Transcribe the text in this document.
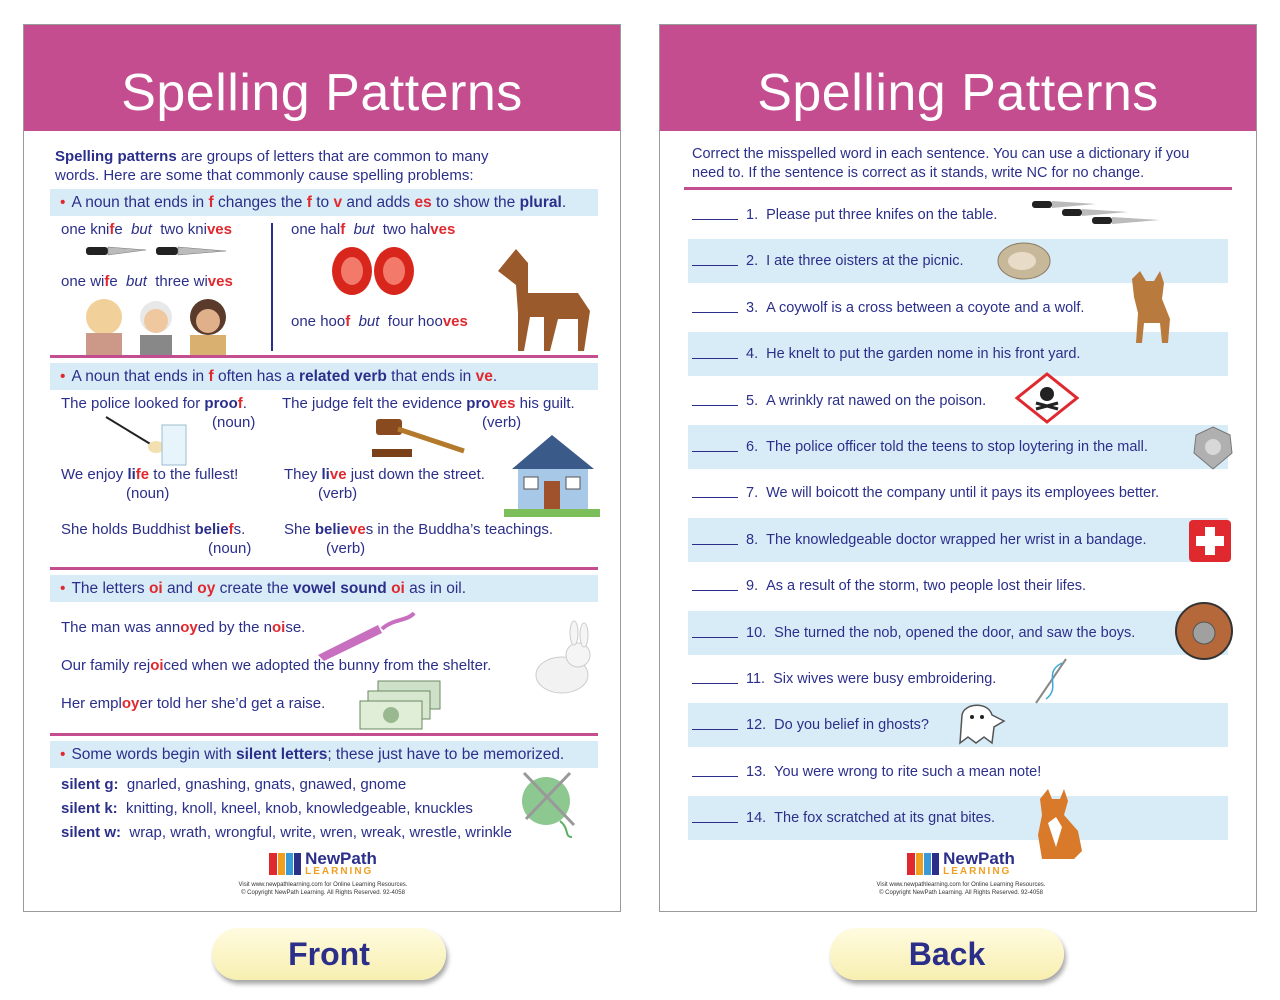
Spelling Patterns
Spelling patterns are groups of letters that are common to many
words. Here are some that commonly cause spelling problems:
• A noun that ends in f changes the f to v and adds es to show the plural.
one knife but two knives
one wife but three wives
one half but two halves
one hoof but four hooves
• A noun that ends in f often has a related verb that ends in ve.
The police looked for proof.
(noun)
The judge felt the evidence proves his guilt.
(verb)
We enjoy life to the fullest!
(noun)
They live just down the street.
(verb)
She holds Buddhist beliefs.
(noun)
She believes in the Buddha’s teachings.
(verb)
• The letters oi and oy create the vowel sound oi as in oil.
The man was annoyed by the noise.
Our family rejoiced when we adopted the bunny from the shelter.
Her employer told her she’d get a raise.
• Some words begin with silent letters; these just have to be memorized.
silent g: gnarled, gnashing, gnats, gnawed, gnome
silent k: knitting, knoll, kneel, knob, knowledgeable, knuckles
silent w: wrap, wrath, wrongful, write, wren, wreak, wrestle, wrinkle
NewPath
LEARNING
Visit www.newpathlearning.com for Online Learning Resources.
© Copyright NewPath Learning. All Rights Reserved. 92-4058
Spelling Patterns
Correct the misspelled word in each sentence. You can use a dictionary if you
need to. If the sentence is correct as it stands, write NC for no change.
1. Please put three knifes on the table.
2. I ate three oisters at the picnic.
3. A coywolf is a cross between a coyote and a wolf.
4. He knelt to put the garden nome in his front yard.
5. A wrinkly rat nawed on the poison.
6. The police officer told the teens to stop loytering in the mall.
7. We will boicott the company until it pays its employees better.
8. The knowledgeable doctor wrapped her wrist in a bandage.
9. As a result of the storm, two people lost their lifes.
10. She turned the nob, opened the door, and saw the boys.
11. Six wives were busy embroidering.
12. Do you belief in ghosts?
13. You were wrong to rite such a mean note!
14. The fox scratched at its gnat bites.
NewPath
LEARNING
Visit www.newpathlearning.com for Online Learning Resources.
© Copyright NewPath Learning. All Rights Reserved. 92-4058
Front	Back
